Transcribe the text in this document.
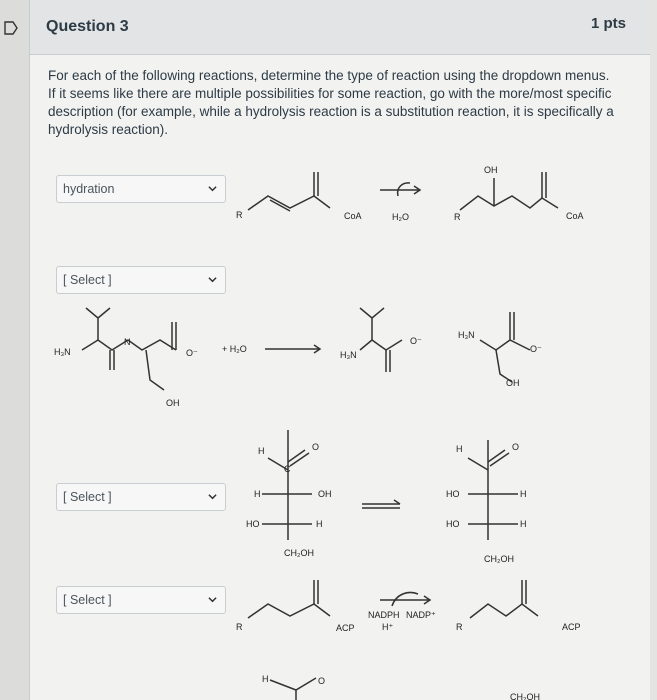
Question 3	1 pts
For each of the following reactions, determine the type of reaction using the dropdown menus. If it seems like there are multiple possibilities for some reaction, go with the more/most specific description (for example, while a hydrolysis reaction is a substitution reaction, it is specifically a hydrolysis reaction).
hydration
[ Select ]
[ Select ]
[ Select ]
R	CoA	H₂O	R
OH
CoA
H₃N
N
O⁻
OH
+ H₂O
H₃N
O⁻
H₃N
O⁻
OH
H	O
C
H	OH
HO	H
CH₂OH
H	O
HO	H
HO	H
CH₂OH
R	ACP
NADPH NADP⁺
H⁺	R	ACP
H	O
CH₂OH
